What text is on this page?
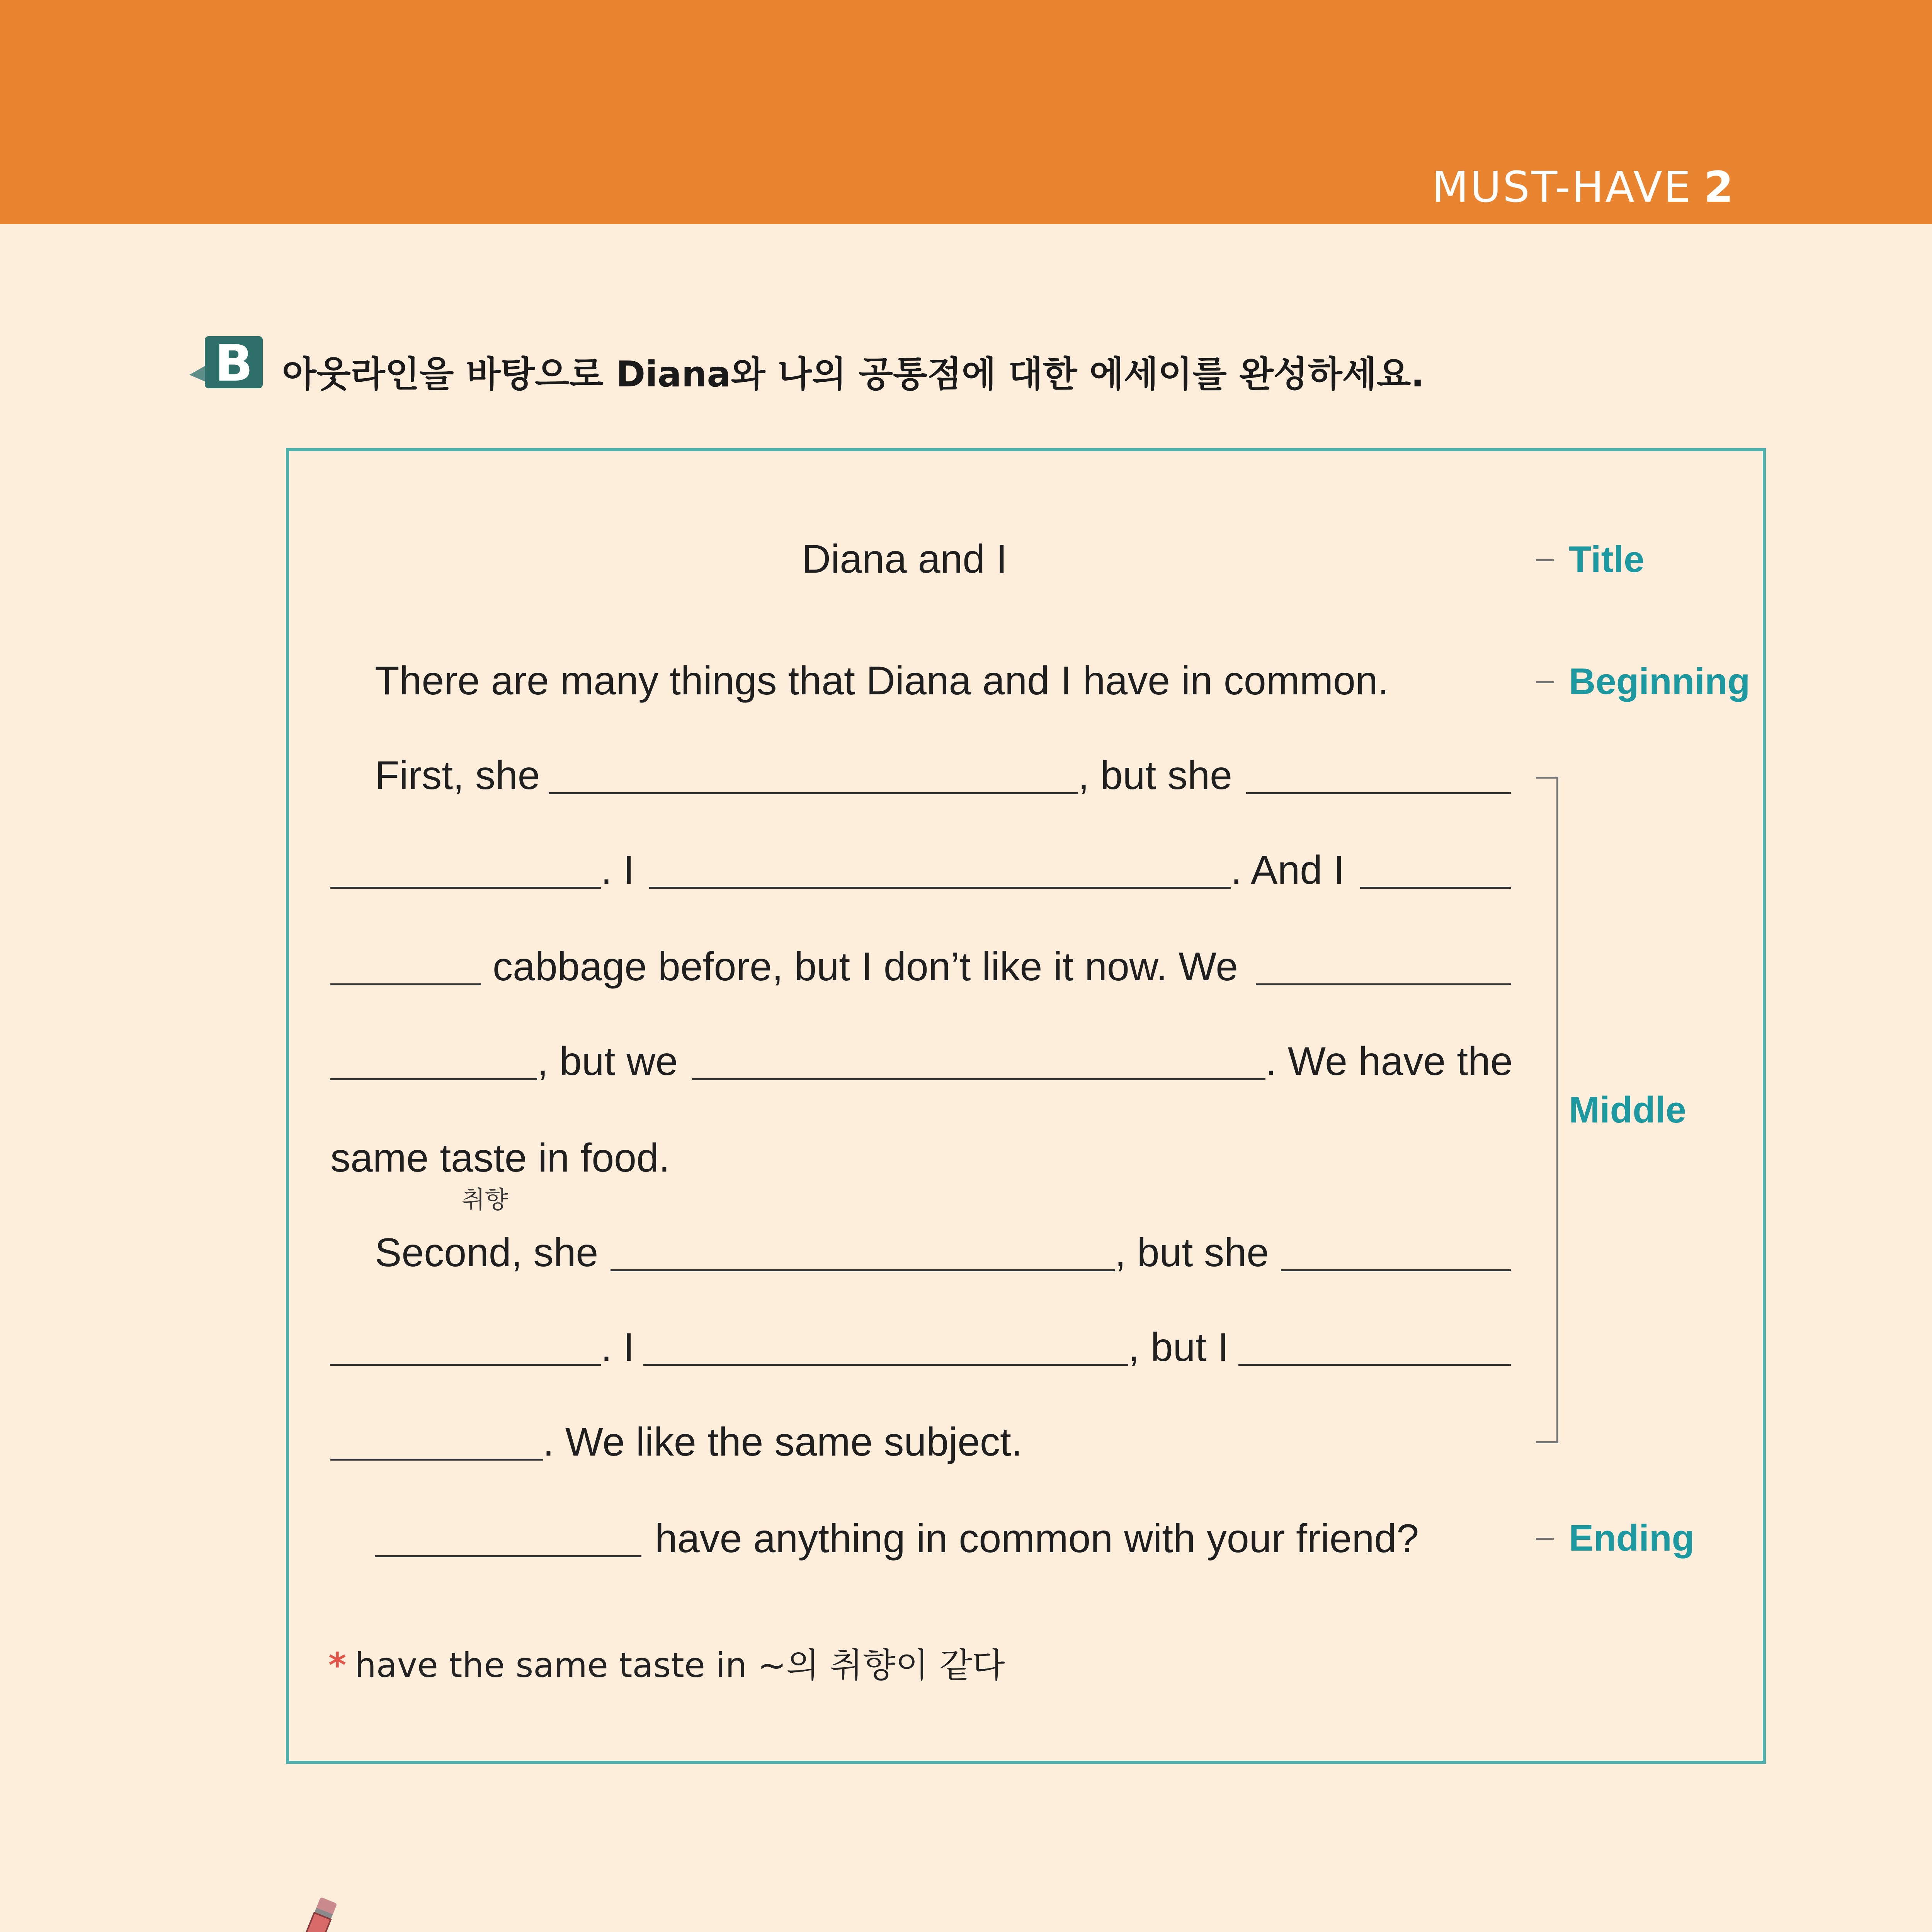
MUST-HAVE 2
B 아웃라인을 바탕으로 Diana와 나의 공통점에 대한 에세이를 완성하세요.
Diana and I
There are many things that Diana and I have in common.
First, she	, but she
. I	. And I
cabbage before, but I don’t like it now. We
, but we	. We have the
same taste in food.
취향
Second, she	, but she
. I	, but I
. We like the same subject.
have anything in common with your friend?
* have the same taste in ~의 취향이 같다
Title
Beginning
Middle
Ending
